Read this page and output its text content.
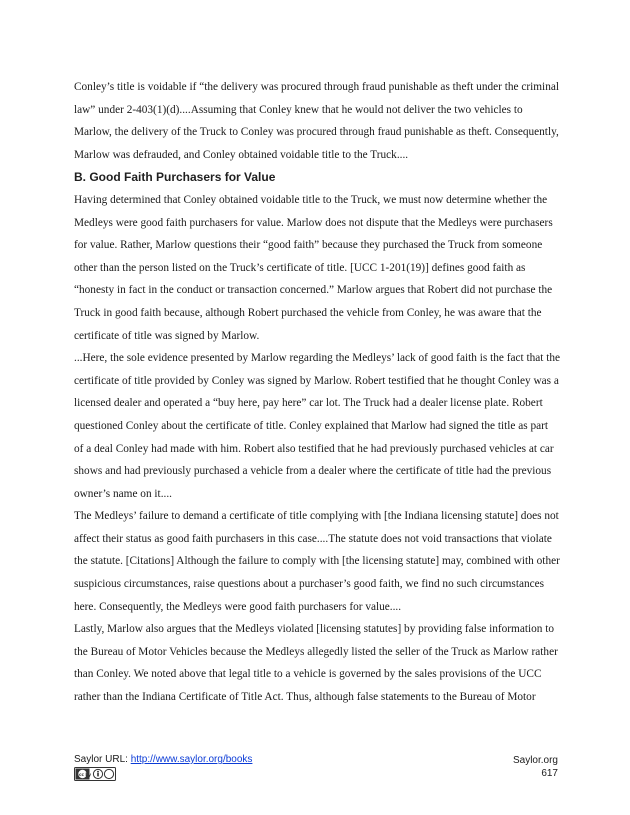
Conley’s title is voidable if “the delivery was procured through fraud punishable as theft under the criminal law” under 2-403(1)(d)....Assuming that Conley knew that he would not deliver the two vehicles to Marlow, the delivery of the Truck to Conley was procured through fraud punishable as theft. Consequently, Marlow was defrauded, and Conley obtained voidable title to the Truck....

B. Good Faith Purchasers for Value

Having determined that Conley obtained voidable title to the Truck, we must now determine whether the Medleys were good faith purchasers for value. Marlow does not dispute that the Medleys were purchasers for value. Rather, Marlow questions their “good faith” because they purchased the Truck from someone other than the person listed on the Truck’s certificate of title. [UCC 1-201(19)] defines good faith as “honesty in fact in the conduct or transaction concerned.” Marlow argues that Robert did not purchase the Truck in good faith because, although Robert purchased the vehicle from Conley, he was aware that the certificate of title was signed by Marlow.

...Here, the sole evidence presented by Marlow regarding the Medleys’ lack of good faith is the fact that the certificate of title provided by Conley was signed by Marlow. Robert testified that he thought Conley was a licensed dealer and operated a “buy here, pay here” car lot. The Truck had a dealer license plate. Robert questioned Conley about the certificate of title. Conley explained that Marlow had signed the title as part of a deal Conley had made with him. Robert also testified that he had previously purchased vehicles at car shows and had previously purchased a vehicle from a dealer where the certificate of title had the previous owner’s name on it....

The Medleys’ failure to demand a certificate of title complying with [the Indiana licensing statute] does not affect their status as good faith purchasers in this case....The statute does not void transactions that violate the statute. [Citations] Although the failure to comply with [the licensing statute] may, combined with other suspicious circumstances, raise questions about a purchaser’s good faith, we find no such circumstances here. Consequently, the Medleys were good faith purchasers for value....

Lastly, Marlow also argues that the Medleys violated [licensing statutes] by providing false information to the Bureau of Motor Vehicles because the Medleys allegedly listed the seller of the Truck as Marlow rather than Conley. We noted above that legal title to a vehicle is governed by the sales provisions of the UCC rather than the Indiana Certificate of Title Act. Thus, although false statements to the Bureau of Motor

Saylor URL: http://www.saylor.org/books
cc by
Saylor.org
617
